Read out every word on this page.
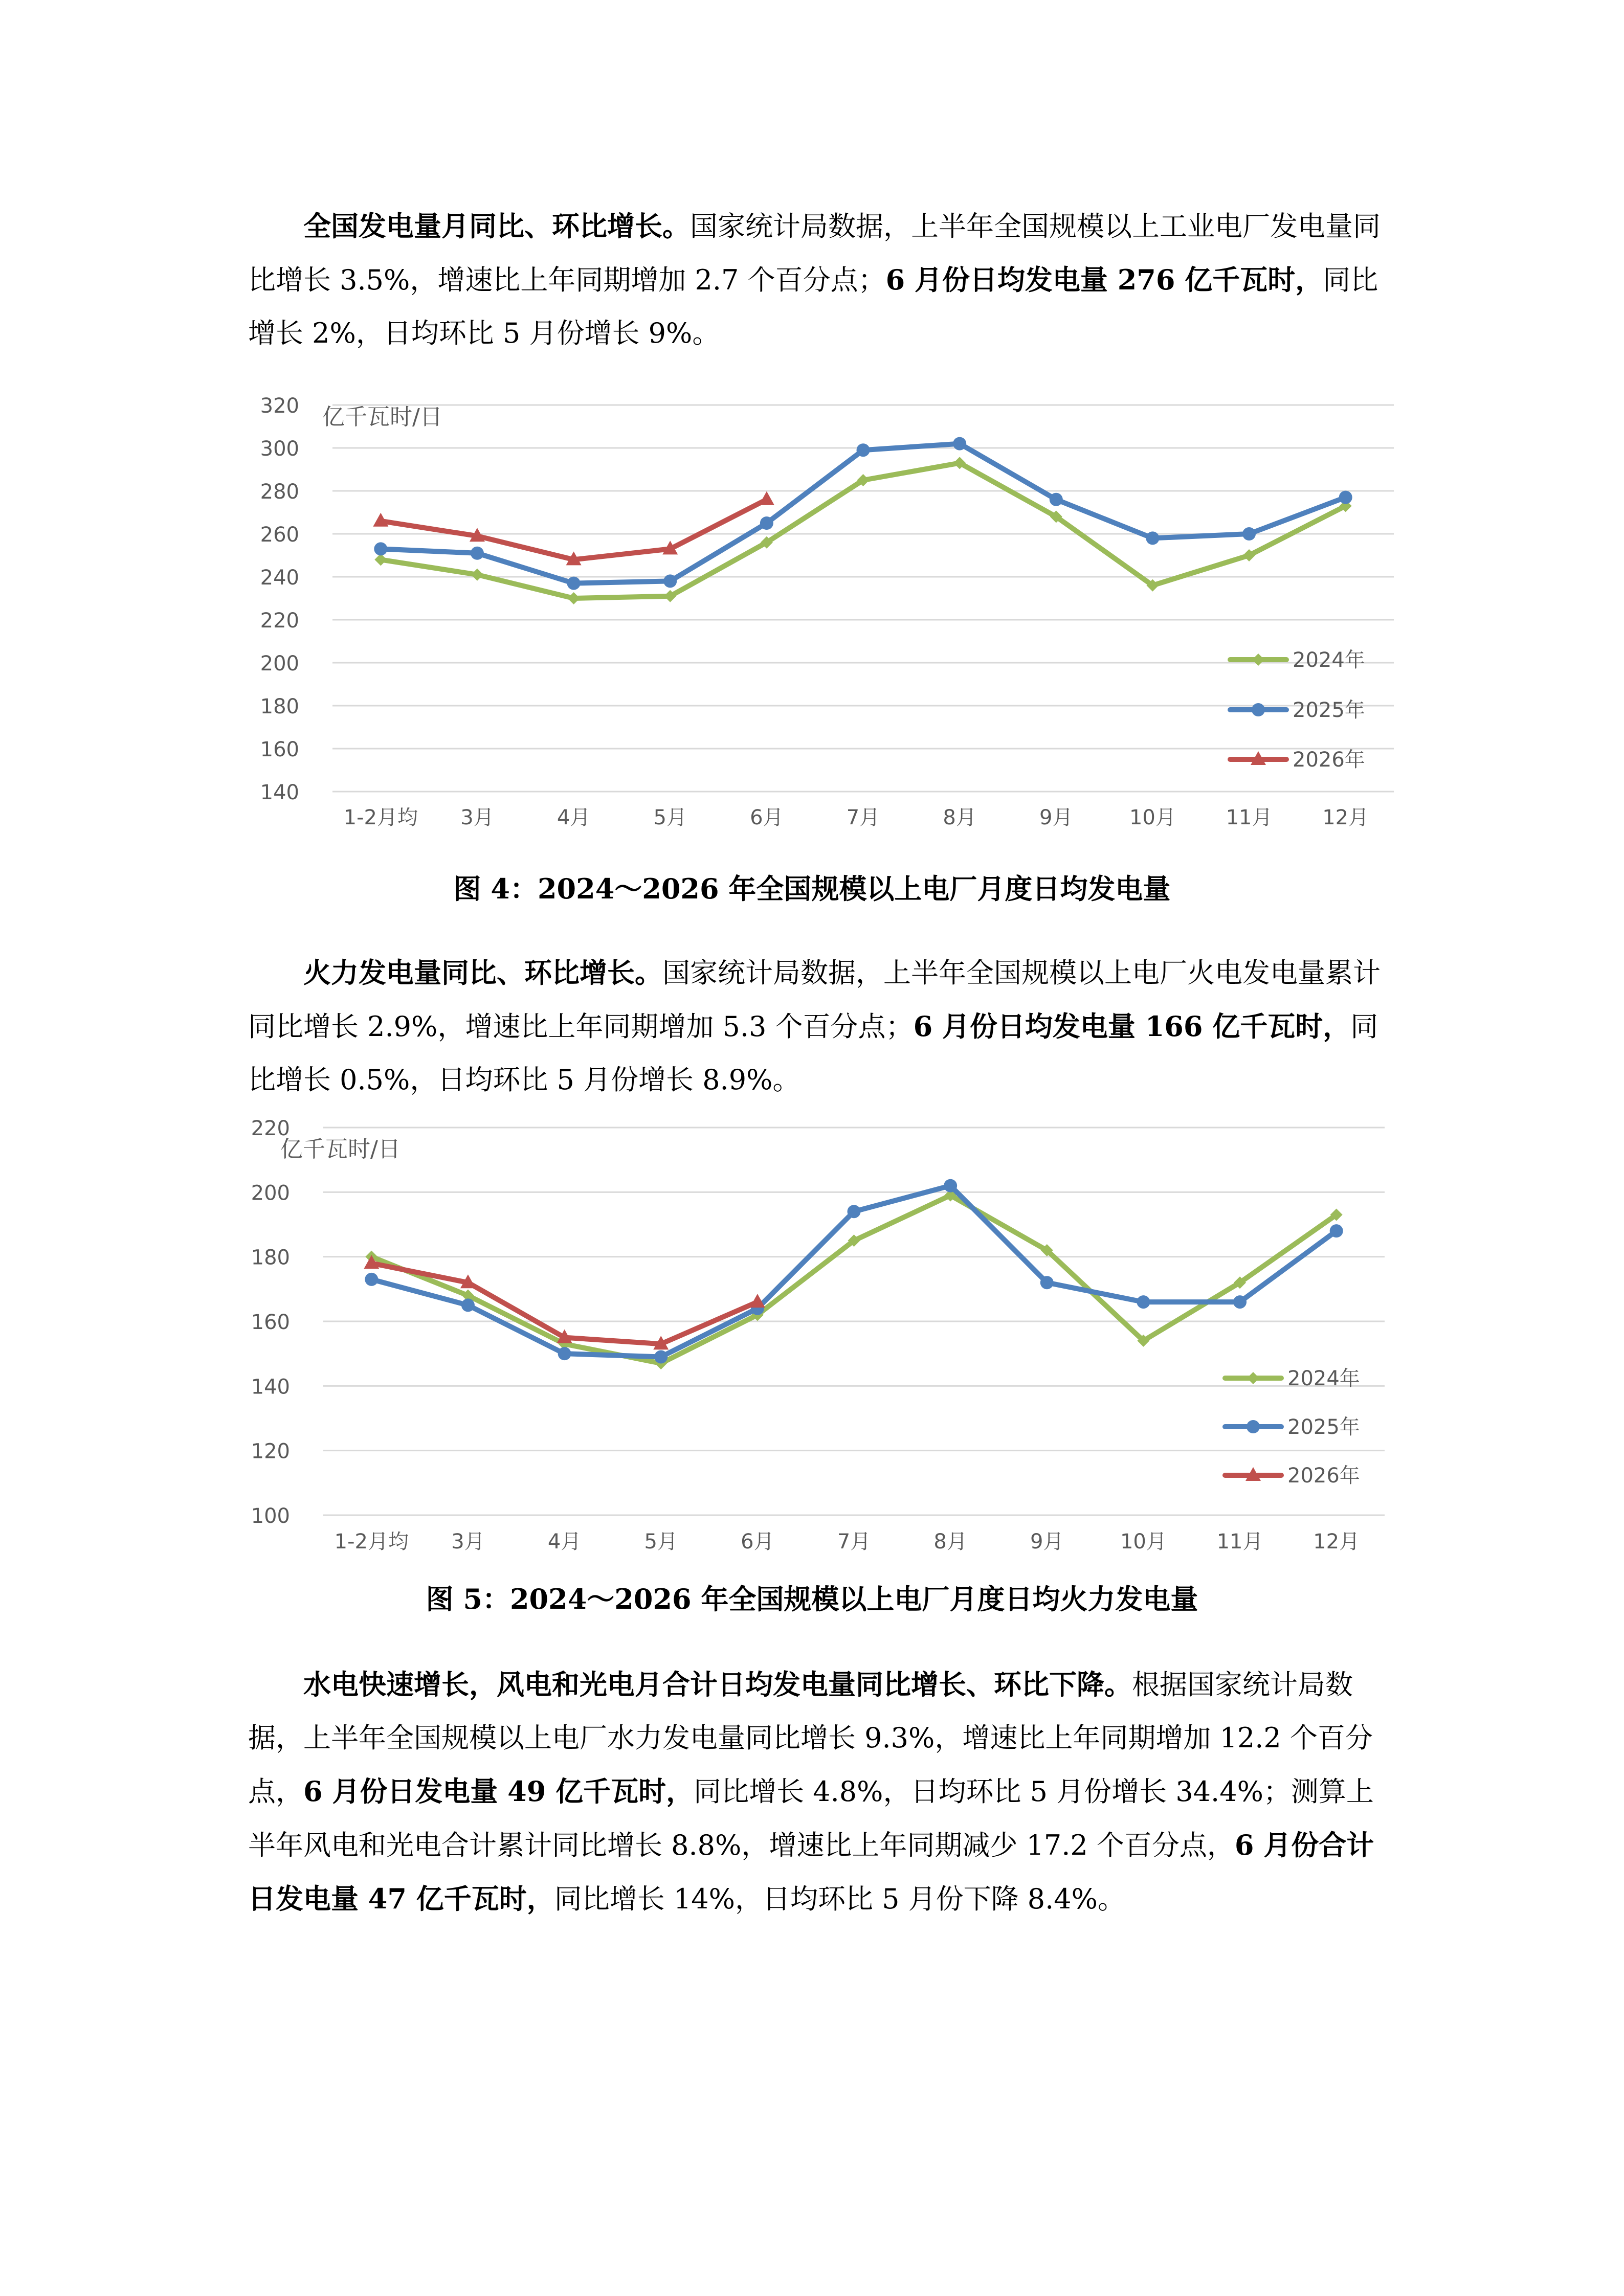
全国发电量月同比、环比增长。国家统计局数据，上半年全国规模以上工业电厂发电量同比增长 3.5%，增速比上年同期增加 2.7 个百分点；6 月份日均发电量 276 亿千瓦时，同比增长 2%，日均环比 5 月份增长 9%。

140
160
180
200
220
240
260
280
300
320 亿千瓦时/日
1-2月均 3月	4月	5月	6月	7月	8月	9月	10月 11月 12月
2024年
2025年
2026年
图 4：2024～2026 年全国规模以上电厂月度日均发电量

火力发电量同比、环比增长。国家统计局数据，上半年全国规模以上电厂火电发电量累计同比增长 2.9%，增速比上年同期增加 5.3 个百分点；6 月份日均发电量 166 亿千瓦时，同比增长 0.5%，日均环比 5 月份增长 8.9%。

100
120
140
160
180
200
220
亿千瓦时/日
1-2月均 3月	4月	5月	6月	7月	8月	9月	10月 11月 12月
2024年
2025年
2026年
图 5：2024～2026 年全国规模以上电厂月度日均火力发电量

水电快速增长，风电和光电月合计日均发电量同比增长、环比下降。根据国家统计局数据，上半年全国规模以上电厂水力发电量同比增长 9.3%，增速比上年同期增加 12.2 个百分点，6 月份日发电量 49 亿千瓦时，同比增长 4.8%，日均环比 5 月份增长 34.4%；测算上半年风电和光电合计累计同比增长 8.8%，增速比上年同期减少 17.2 个百分点，6 月份合计日发电量 47 亿千瓦时，同比增长 14%，日均环比 5 月份下降 8.4%。
